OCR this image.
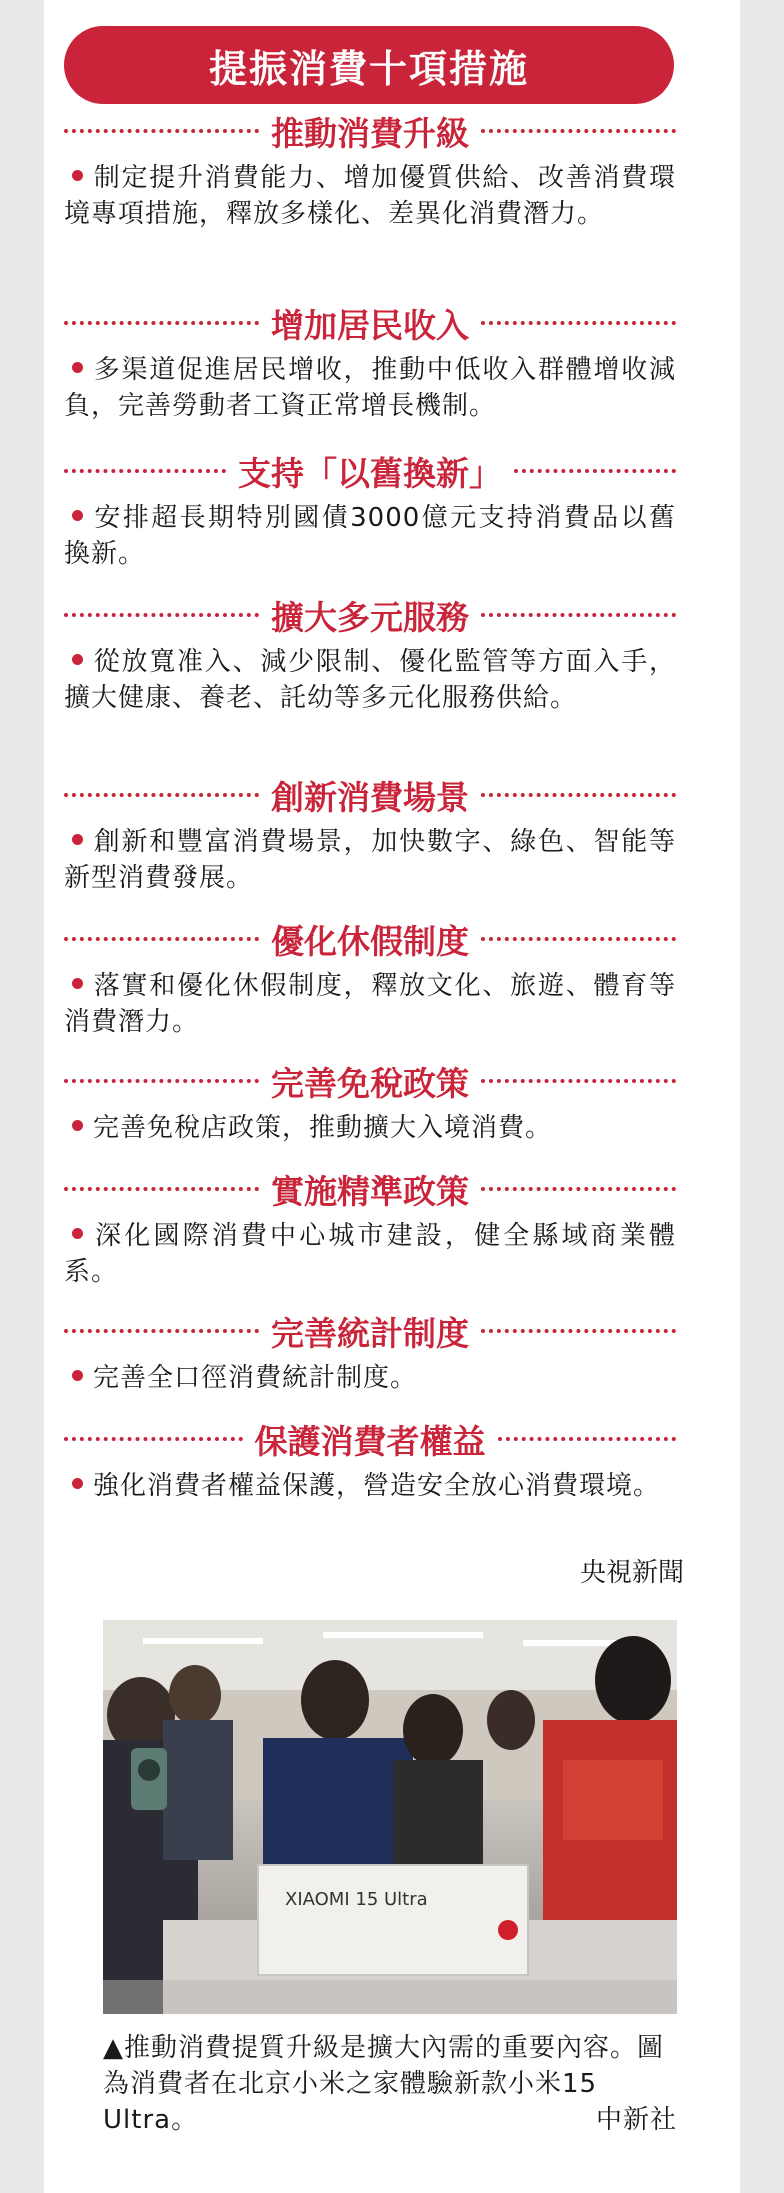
提振消費十項措施
推動消費升級
制定提升消費能力、增加優質供給、改善消費環境專項措施，釋放多樣化、差異化消費潛力。
增加居民收入
多渠道促進居民增收，推動中低收入群體增收減負，完善勞動者工資正常增長機制。
支持「以舊換新」
安排超長期特別國債3000億元支持消費品以舊換新。
擴大多元服務
從放寬准入、減少限制、優化監管等方面入手，擴大健康、養老、託幼等多元化服務供給。
創新消費場景
創新和豐富消費場景，加快數字、綠色、智能等新型消費發展。
優化休假制度
落實和優化休假制度，釋放文化、旅遊、體育等消費潛力。
完善免稅政策
完善免稅店政策，推動擴大入境消費。
實施精準政策
深化國際消費中心城市建設，健全縣域商業體系。
完善統計制度
完善全口徑消費統計制度。
保護消費者權益
強化消費者權益保護，營造安全放心消費環境。
央視新聞
XIAOMI 15 Ultra
▲推動消費提質升級是擴大內需的重要內容。圖為消費者在北京小米之家體驗新款小米15 Ultra。	中新社
